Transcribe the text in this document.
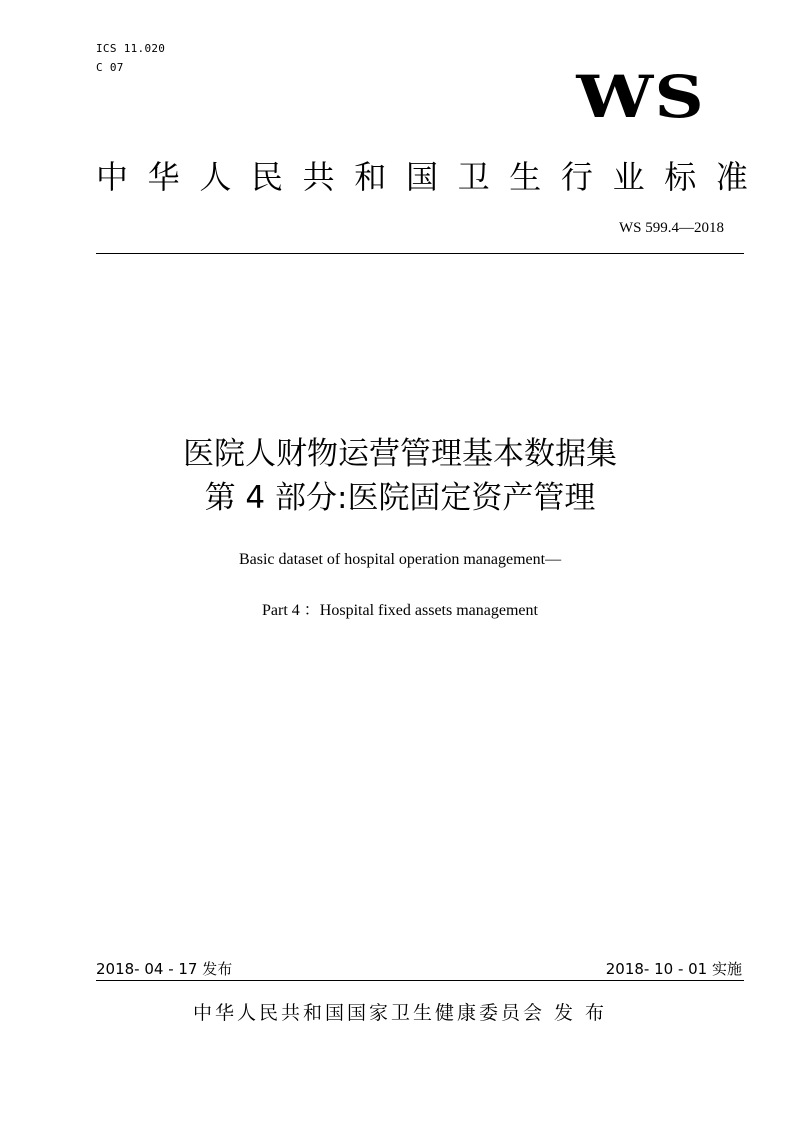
ICS 11.020
C 07	WS
中 华 人 民 共 和 国 卫 生 行 业 标 准
WS 599.4—2018
医院人财物运营管理基本数据集
第 4 部分:医院固定资产管理
Basic dataset of hospital operation management—
Part 4 ：Hospital fixed assets management
2018- 04 - 17 发布	2018- 10 - 01 实施
中华人民共和国国家卫生健康委员会 发 布
